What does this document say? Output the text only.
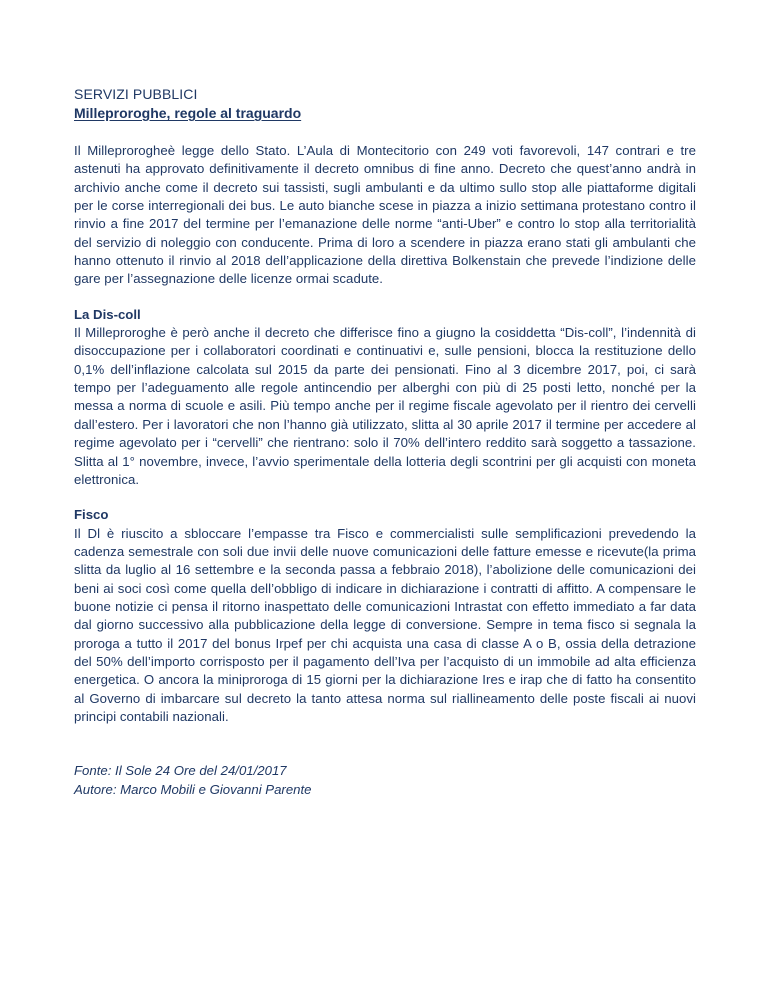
SERVIZI PUBBLICI

Milleproroghe, regole al traguardo

Il Milleprorogheè legge dello Stato. L’Aula di Montecitorio con 249 voti favorevoli, 147 contrari e tre astenuti ha approvato definitivamente il decreto omnibus di fine anno. Decreto che quest’anno andrà in archivio anche come il decreto sui tassisti, sugli ambulanti e da ultimo sullo stop alle piattaforme digitali per le corse interregionali dei bus. Le auto bianche scese in piazza a inizio settimana protestano contro il rinvio a fine 2017 del termine per l’emanazione delle norme “anti-Uber” e contro lo stop alla territorialità del servizio di noleggio con conducente. Prima di loro a scendere in piazza erano stati gli ambulanti che hanno ottenuto il rinvio al 2018 dell’applicazione della direttiva Bolkenstain che prevede l’indizione delle gare per l’assegnazione delle licenze ormai scadute.

La Dis-coll

Il Milleproroghe è però anche il decreto che differisce fino a giugno la cosiddetta “Dis-coll”, l’indennità di disoccupazione per i collaboratori coordinati e continuativi e, sulle pensioni, blocca la restituzione dello 0,1% dell’inflazione calcolata sul 2015 da parte dei pensionati. Fino al 3 dicembre 2017, poi, ci sarà tempo per l’adeguamento alle regole antincendio per alberghi con più di 25 posti letto, nonché per la messa a norma di scuole e asili. Più tempo anche per il regime fiscale agevolato per il rientro dei cervelli dall’estero. Per i lavoratori che non l’hanno già utilizzato, slitta al 30 aprile 2017 il termine per accedere al regime agevolato per i “cervelli” che rientrano: solo il 70% dell’intero reddito sarà soggetto a tassazione. Slitta al 1° novembre, invece, l’avvio sperimentale della lotteria degli scontrini per gli acquisti con moneta elettronica.

Fisco

Il Dl è riuscito a sbloccare l’empasse tra Fisco e commercialisti sulle semplificazioni prevedendo la cadenza semestrale con soli due invii delle nuove comunicazioni delle fatture emesse e ricevute(la prima slitta da luglio al 16 settembre e la seconda passa a febbraio 2018), l’abolizione delle comunicazioni dei beni ai soci così come quella dell’obbligo di indicare in dichiarazione i contratti di affitto. A compensare le buone notizie ci pensa il ritorno inaspettato delle comunicazioni Intrastat con effetto immediato a far data dal giorno successivo alla pubblicazione della legge di conversione. Sempre in tema fisco si segnala la proroga a tutto il 2017 del bonus Irpef per chi acquista una casa di classe A o B, ossia della detrazione del 50% dell’importo corrisposto per il pagamento dell’Iva per l’acquisto di un immobile ad alta efficienza energetica. O ancora la miniproroga di 15 giorni per la dichiarazione Ires e irap che di fatto ha consentito al Governo di imbarcare sul decreto la tanto attesa norma sul riallineamento delle poste fiscali ai nuovi principi contabili nazionali.

Fonte: Il Sole 24 Ore del 24/01/2017

Autore: Marco Mobili e Giovanni Parente
